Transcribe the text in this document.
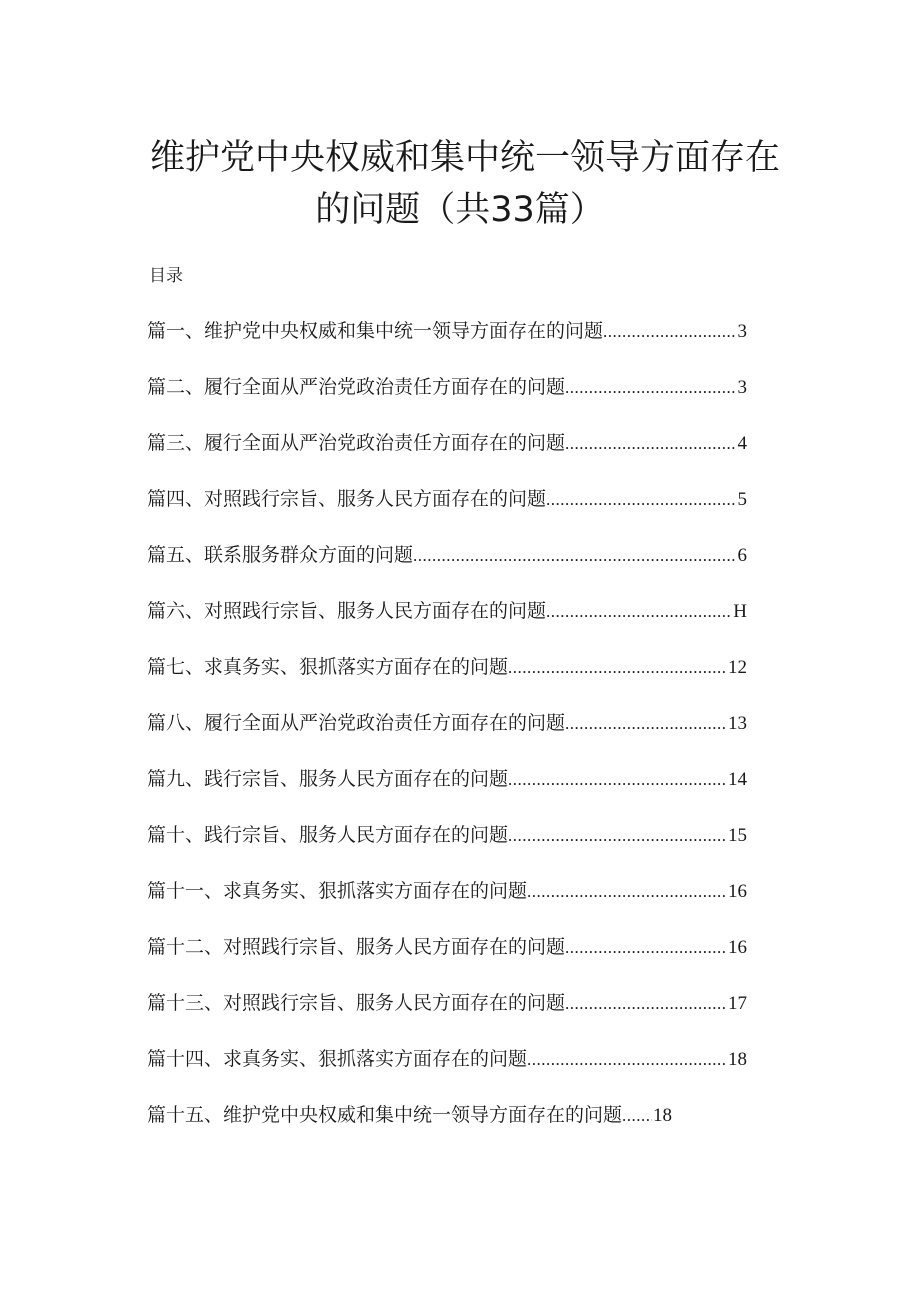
维护党中央权威和集中统一领导方面存在
的问题（共33篇）
目录
篇一、维护党中央权威和集中统一领导方面存在的问题 .....	3
篇二、履行全面从严治党政治责任方面存在的问题 .....	3
篇三、履行全面从严治党政治责任方面存在的问题 .....	4
篇四、对照践行宗旨、服务人民方面存在的问题 .....	5
篇五、联系服务群众方面的问题 .....	6
篇六、对照践行宗旨、服务人民方面存在的问题 .....	H
篇七、求真务实、狠抓落实方面存在的问题 .....	12
篇八、履行全面从严治党政治责任方面存在的问题 .....	13
篇九、践行宗旨、服务人民方面存在的问题 .....	14
篇十、践行宗旨、服务人民方面存在的问题 .....	15
篇十一、求真务实、狠抓落实方面存在的问题 .....	16
篇十二、对照践行宗旨、服务人民方面存在的问题 .....	16
篇十三、对照践行宗旨、服务人民方面存在的问题 .....	17
篇十四、求真务实、狠抓落实方面存在的问题 .....	18
篇十五、维护党中央权威和集中统一领导方面存在的问题 ..... 18
